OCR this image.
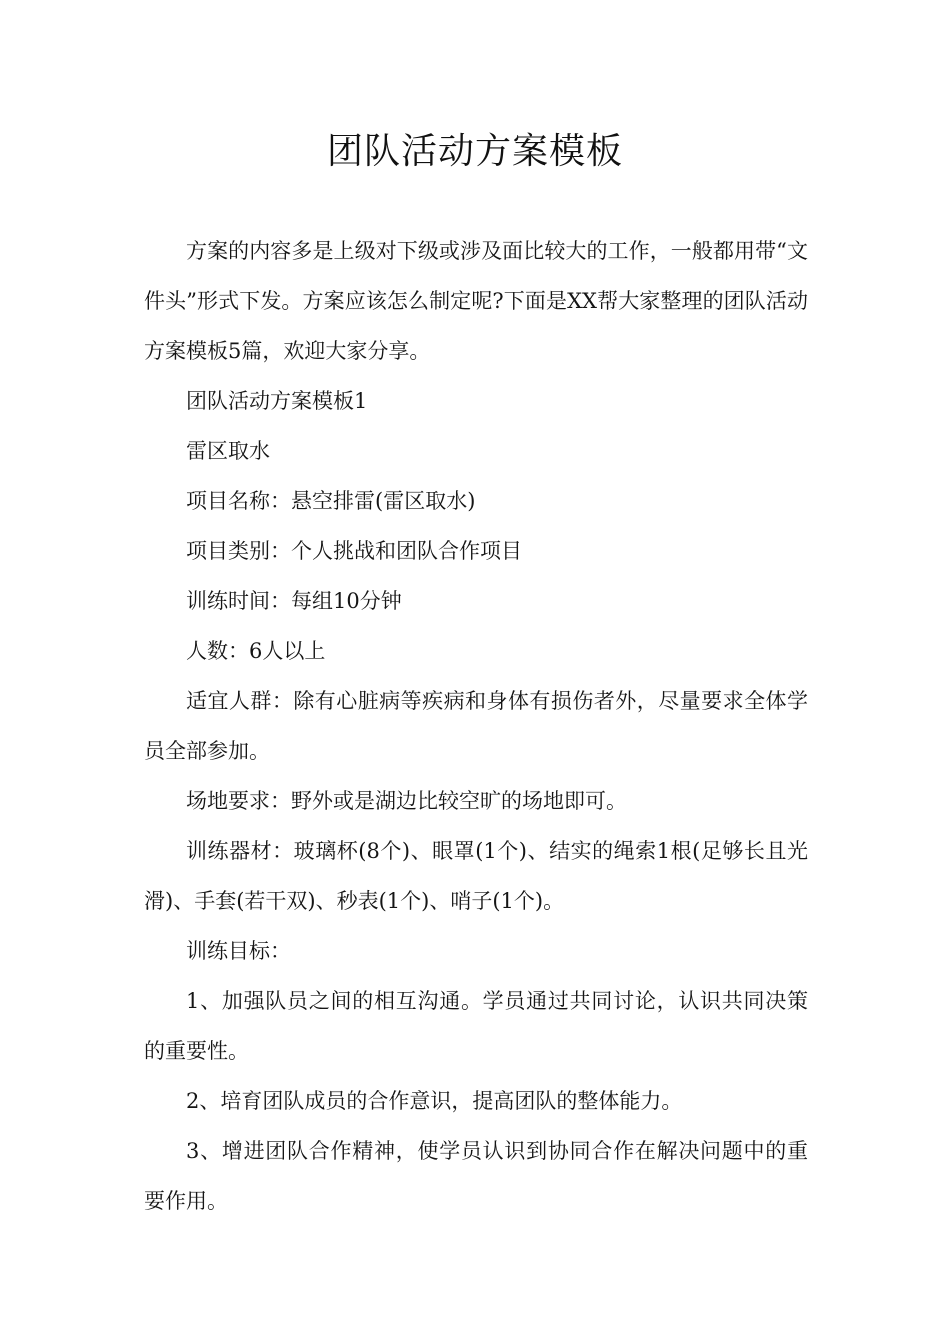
团队活动方案模板

方案的内容多是上级对下级或涉及面比较大的工作，一般都用带“文件头”形式下发。方案应该怎么制定呢?下面是XX帮大家整理的团队活动方案模板5篇，欢迎大家分享。

团队活动方案模板1

雷区取水

项目名称：悬空排雷(雷区取水)

项目类别：个人挑战和团队合作项目

训练时间：每组10分钟

人数：6人以上

适宜人群：除有心脏病等疾病和身体有损伤者外，尽量要求全体学员全部参加。

场地要求：野外或是湖边比较空旷的场地即可。

训练器材：玻璃杯(8个)、眼罩(1个)、结实的绳索1根(足够长且光滑)、手套(若干双)、秒表(1个)、哨子(1个)。

训练目标：

1、加强队员之间的相互沟通。学员通过共同讨论，认识共同决策的重要性。

2、培育团队成员的合作意识，提高团队的整体能力。

3、增进团队合作精神，使学员认识到协同合作在解决问题中的重要作用。
